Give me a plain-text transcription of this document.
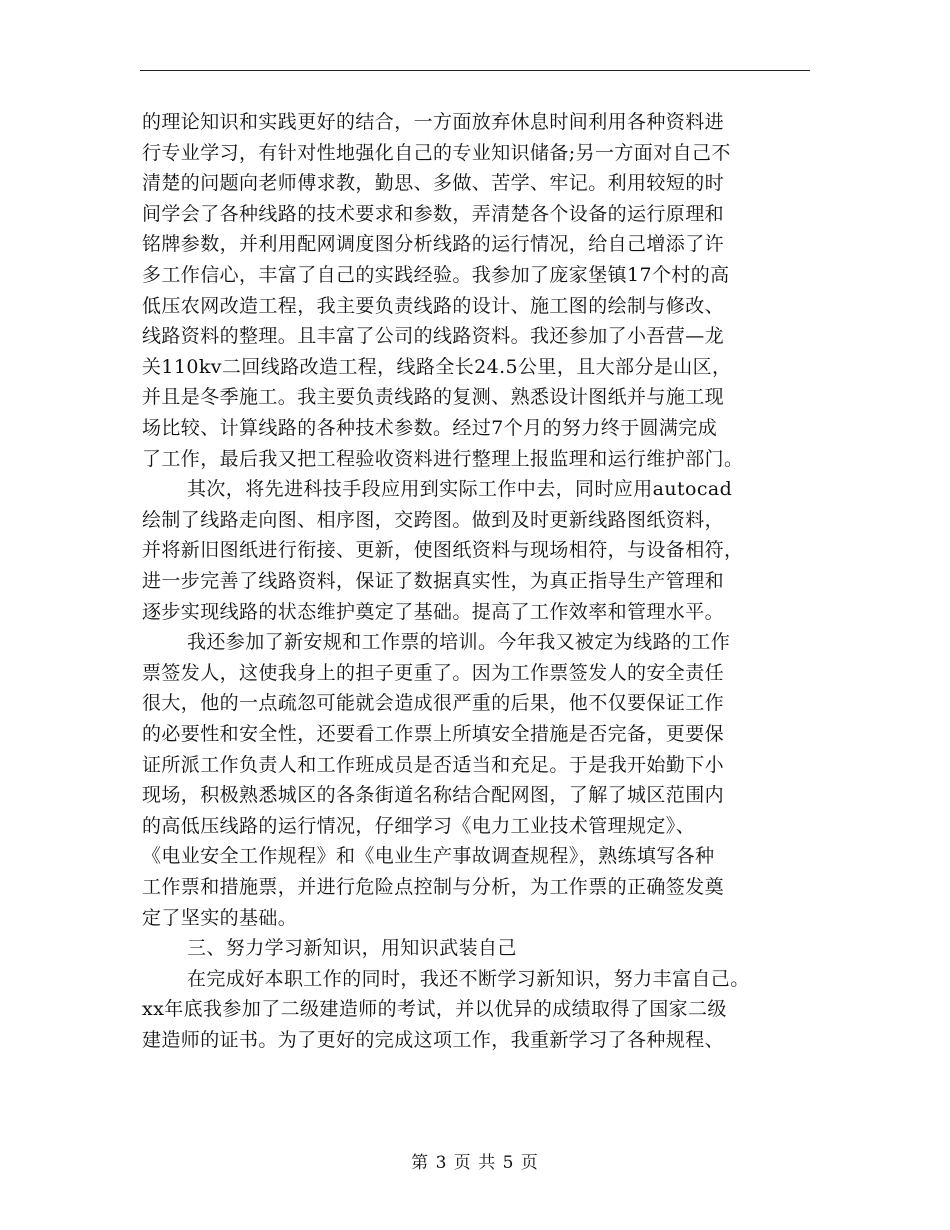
的理论知识和实践更好的结合，一方面放弃休息时间利用各种资料进
行专业学习，有针对性地强化自己的专业知识储备;另一方面对自己不
清楚的问题向老师傅求教，勤思、多做、苦学、牢记。利用较短的时
间学会了各种线路的技术要求和参数，弄清楚各个设备的运行原理和
铭牌参数，并利用配网调度图分析线路的运行情况，给自己增添了许
多工作信心，丰富了自己的实践经验。我参加了庞家堡镇17个村的高
低压农网改造工程，我主要负责线路的设计、施工图的绘制与修改、
线路资料的整理。且丰富了公司的线路资料。我还参加了小吾营—龙
关110kv二回线路改造工程，线路全长24.5公里，且大部分是山区，
并且是冬季施工。我主要负责线路的复测、熟悉设计图纸并与施工现
场比较、计算线路的各种技术参数。经过7个月的努力终于圆满完成
了工作，最后我又把工程验收资料进行整理上报监理和运行维护部门。
其次，将先进科技手段应用到实际工作中去，同时应用autocad
绘制了线路走向图、相序图，交跨图。做到及时更新线路图纸资料，
并将新旧图纸进行衔接、更新，使图纸资料与现场相符，与设备相符，
进一步完善了线路资料，保证了数据真实性，为真正指导生产管理和
逐步实现线路的状态维护奠定了基础。提高了工作效率和管理水平。
我还参加了新安规和工作票的培训。今年我又被定为线路的工作
票签发人，这使我身上的担子更重了。因为工作票签发人的安全责任
很大，他的一点疏忽可能就会造成很严重的后果，他不仅要保证工作
的必要性和安全性，还要看工作票上所填安全措施是否完备，更要保
证所派工作负责人和工作班成员是否适当和充足。于是我开始勤下小
现场，积极熟悉城区的各条街道名称结合配网图，了解了城区范围内
的高低压线路的运行情况，仔细学习《电力工业技术管理规定》、
《电业安全工作规程》和《电业生产事故调查规程》，熟练填写各种
工作票和措施票，并进行危险点控制与分析，为工作票的正确签发奠
定了坚实的基础。
三、努力学习新知识，用知识武装自己
在完成好本职工作的同时，我还不断学习新知识，努力丰富自己。
xx年底我参加了二级建造师的考试，并以优异的成绩取得了国家二级
建造师的证书。为了更好的完成这项工作，我重新学习了各种规程、
第 3 页 共 5 页
